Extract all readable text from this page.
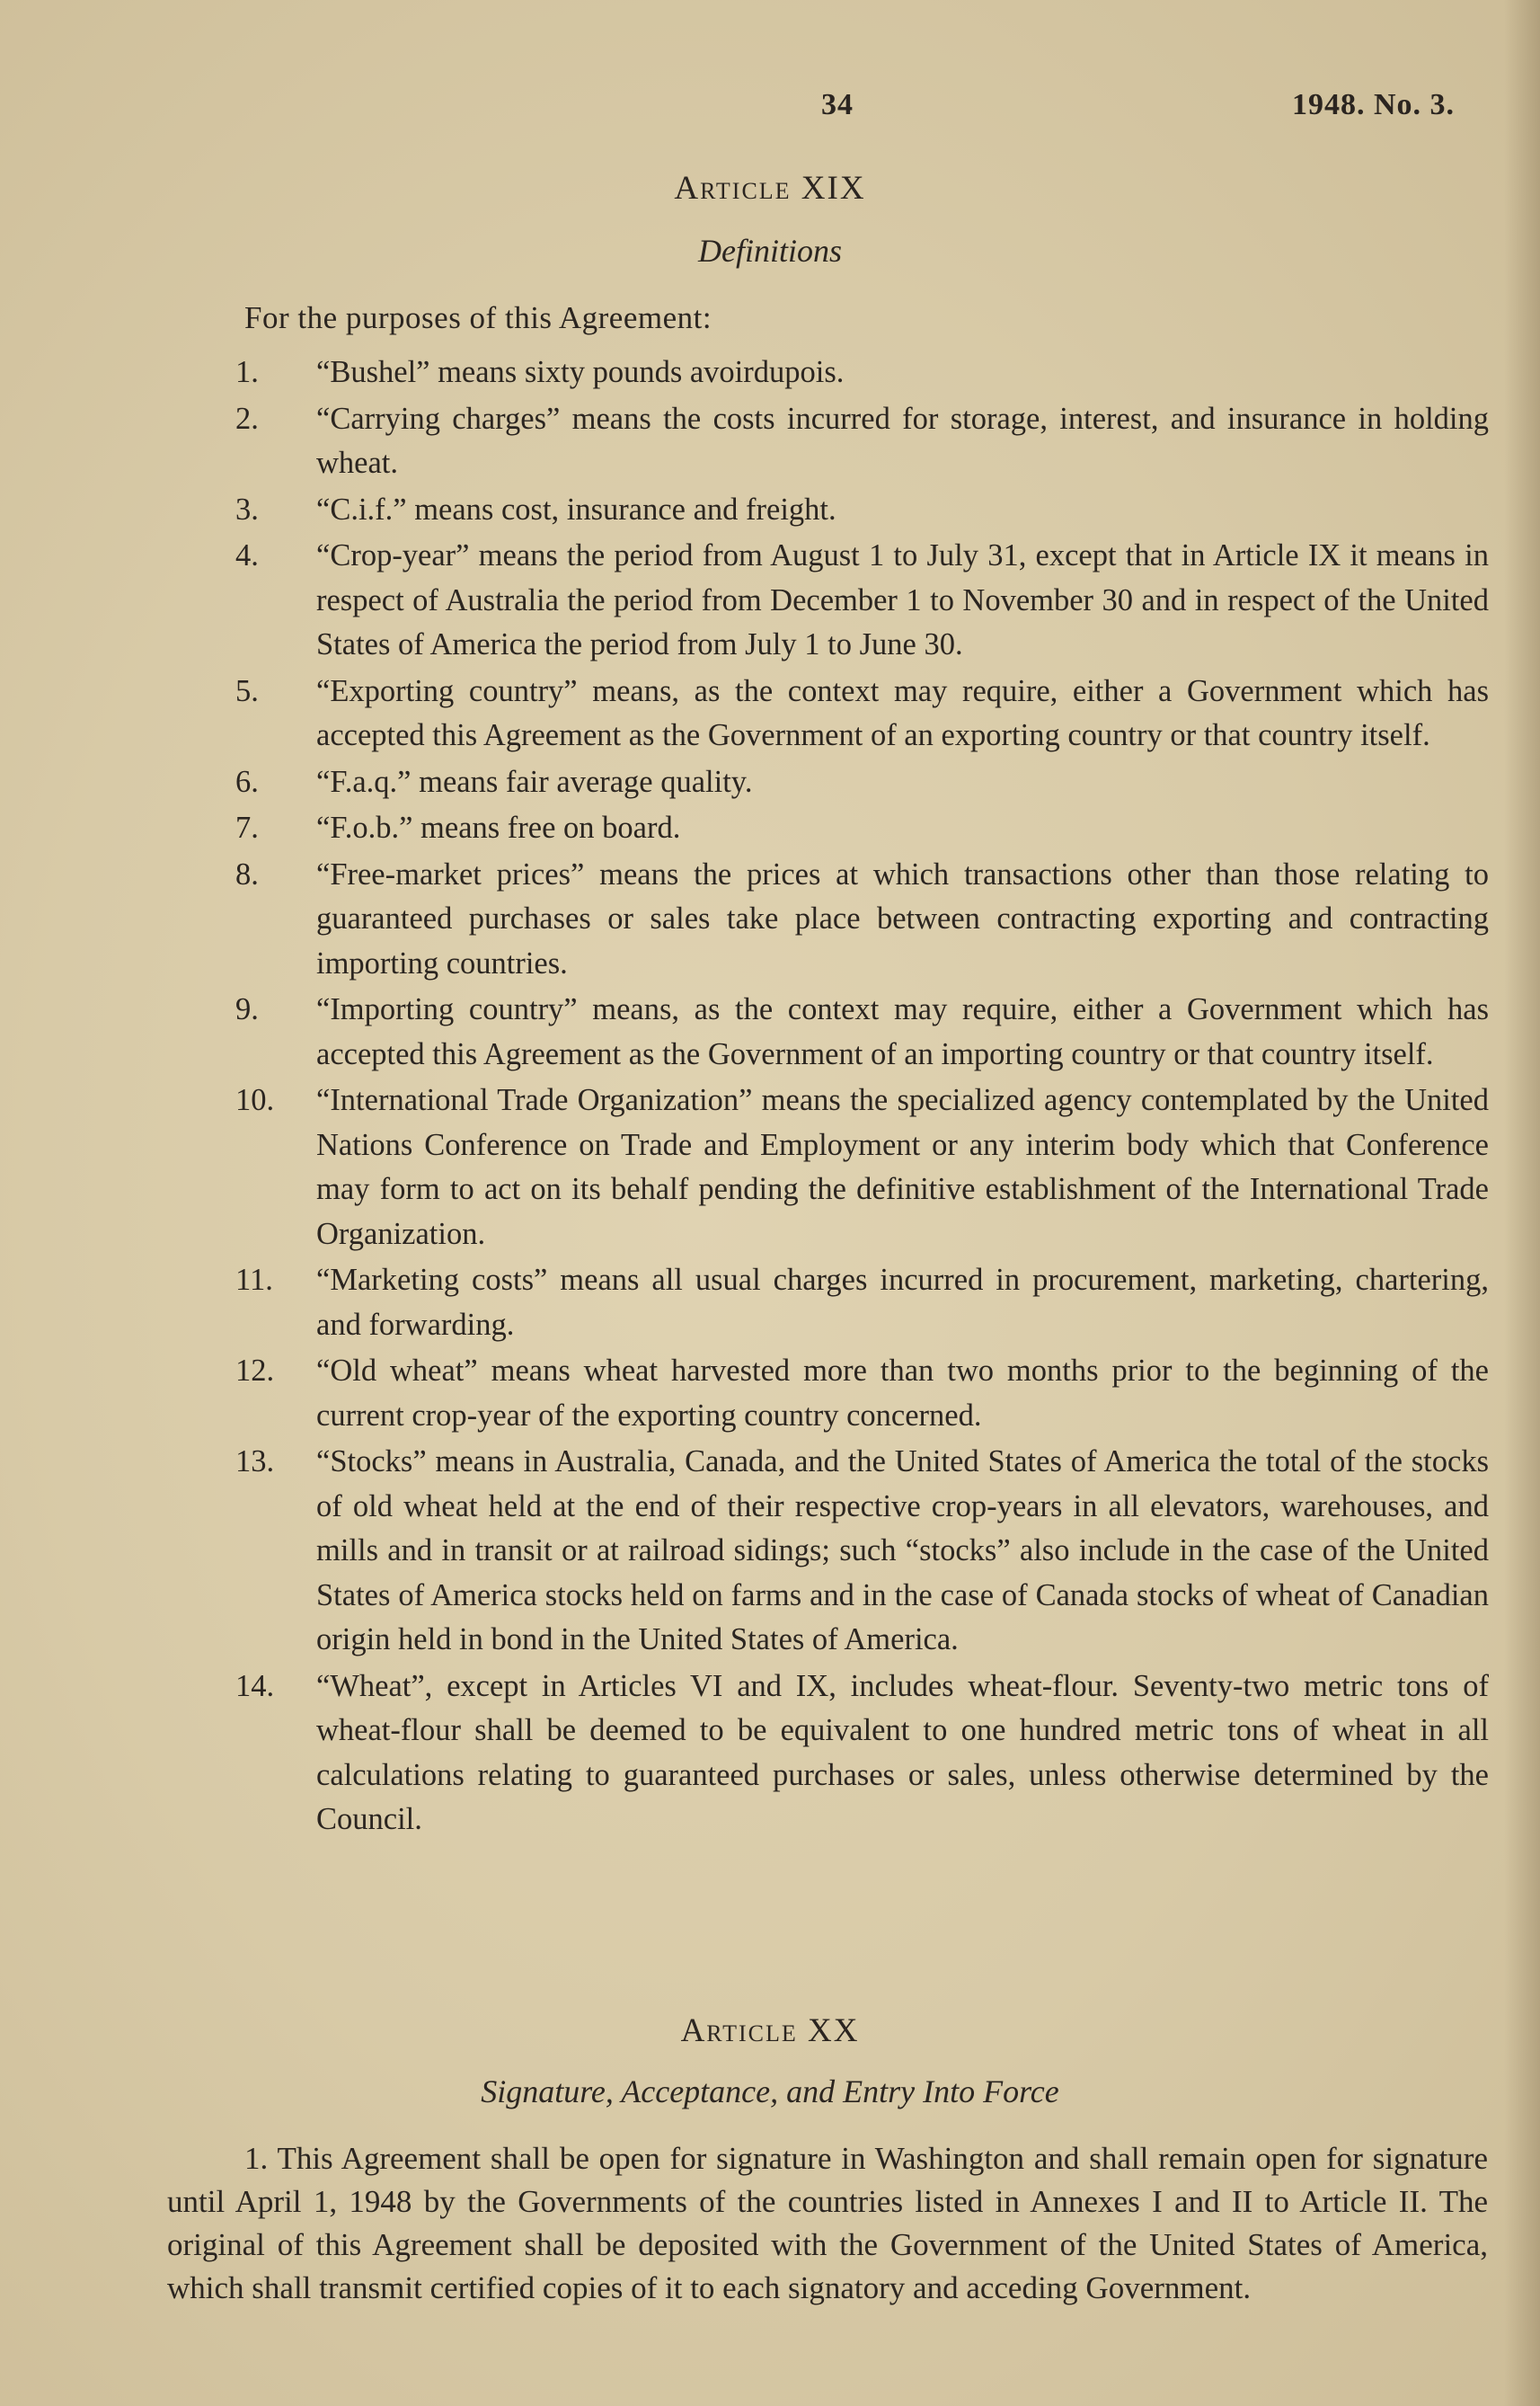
34	1948. No. 3.
Article XIX
Definitions
For the purposes of this Agreement:
1.	“Bushel” means sixty pounds avoirdupois.
2.	“Carrying charges” means the costs incurred for storage, interest, and insurance in holding wheat.
3.	“C.i.f.” means cost, insurance and freight.
4.	“Crop-year” means the period from August 1 to July 31, except that in Article IX it means in respect of Australia the period from December 1 to November 30 and in respect of the United States of America the period from July 1 to June 30.
5.	“Exporting country” means, as the context may require, either a Government which has accepted this Agreement as the Government of an exporting country or that country itself.
6.	“F.a.q.” means fair average quality.
7.	“F.o.b.” means free on board.
8.	“Free-market prices” means the prices at which transactions other than those relating to guaranteed purchases or sales take place between contracting exporting and contracting importing countries.
9.	“Importing country” means, as the context may require, either a Government which has accepted this Agreement as the Government of an importing country or that country itself.
10.	“International Trade Organization” means the specialized agency contemplated by the United Nations Conference on Trade and Employment or any interim body which that Conference may form to act on its behalf pending the definitive establishment of the International Trade Organization.
11.	“Marketing costs” means all usual charges incurred in procurement, marketing, chartering, and forwarding.
12.	“Old wheat” means wheat harvested more than two months prior to the beginning of the current crop-year of the exporting country concerned.
13.	“Stocks” means in Australia, Canada, and the United States of America the total of the stocks of old wheat held at the end of their respective crop-years in all elevators, warehouses, and mills and in transit or at railroad sidings; such “stocks” also include in the case of the United States of America stocks held on farms and in the case of Canada stocks of wheat of Canadian origin held in bond in the United States of America.
14.	“Wheat”, except in Articles VI and IX, includes wheat-flour. Seventy-two metric tons of wheat-flour shall be deemed to be equivalent to one hundred metric tons of wheat in all calculations relating to guaranteed purchases or sales, unless otherwise determined by the Council.
Article XX
Signature, Acceptance, and Entry Into Force
1. This Agreement shall be open for signature in Washington and shall remain open for signature until April 1, 1948 by the Governments of the countries listed in Annexes I and II to Article II. The original of this Agreement shall be deposited with the Government of the United States of America, which shall transmit certified copies of it to each signatory and acceding Government.
